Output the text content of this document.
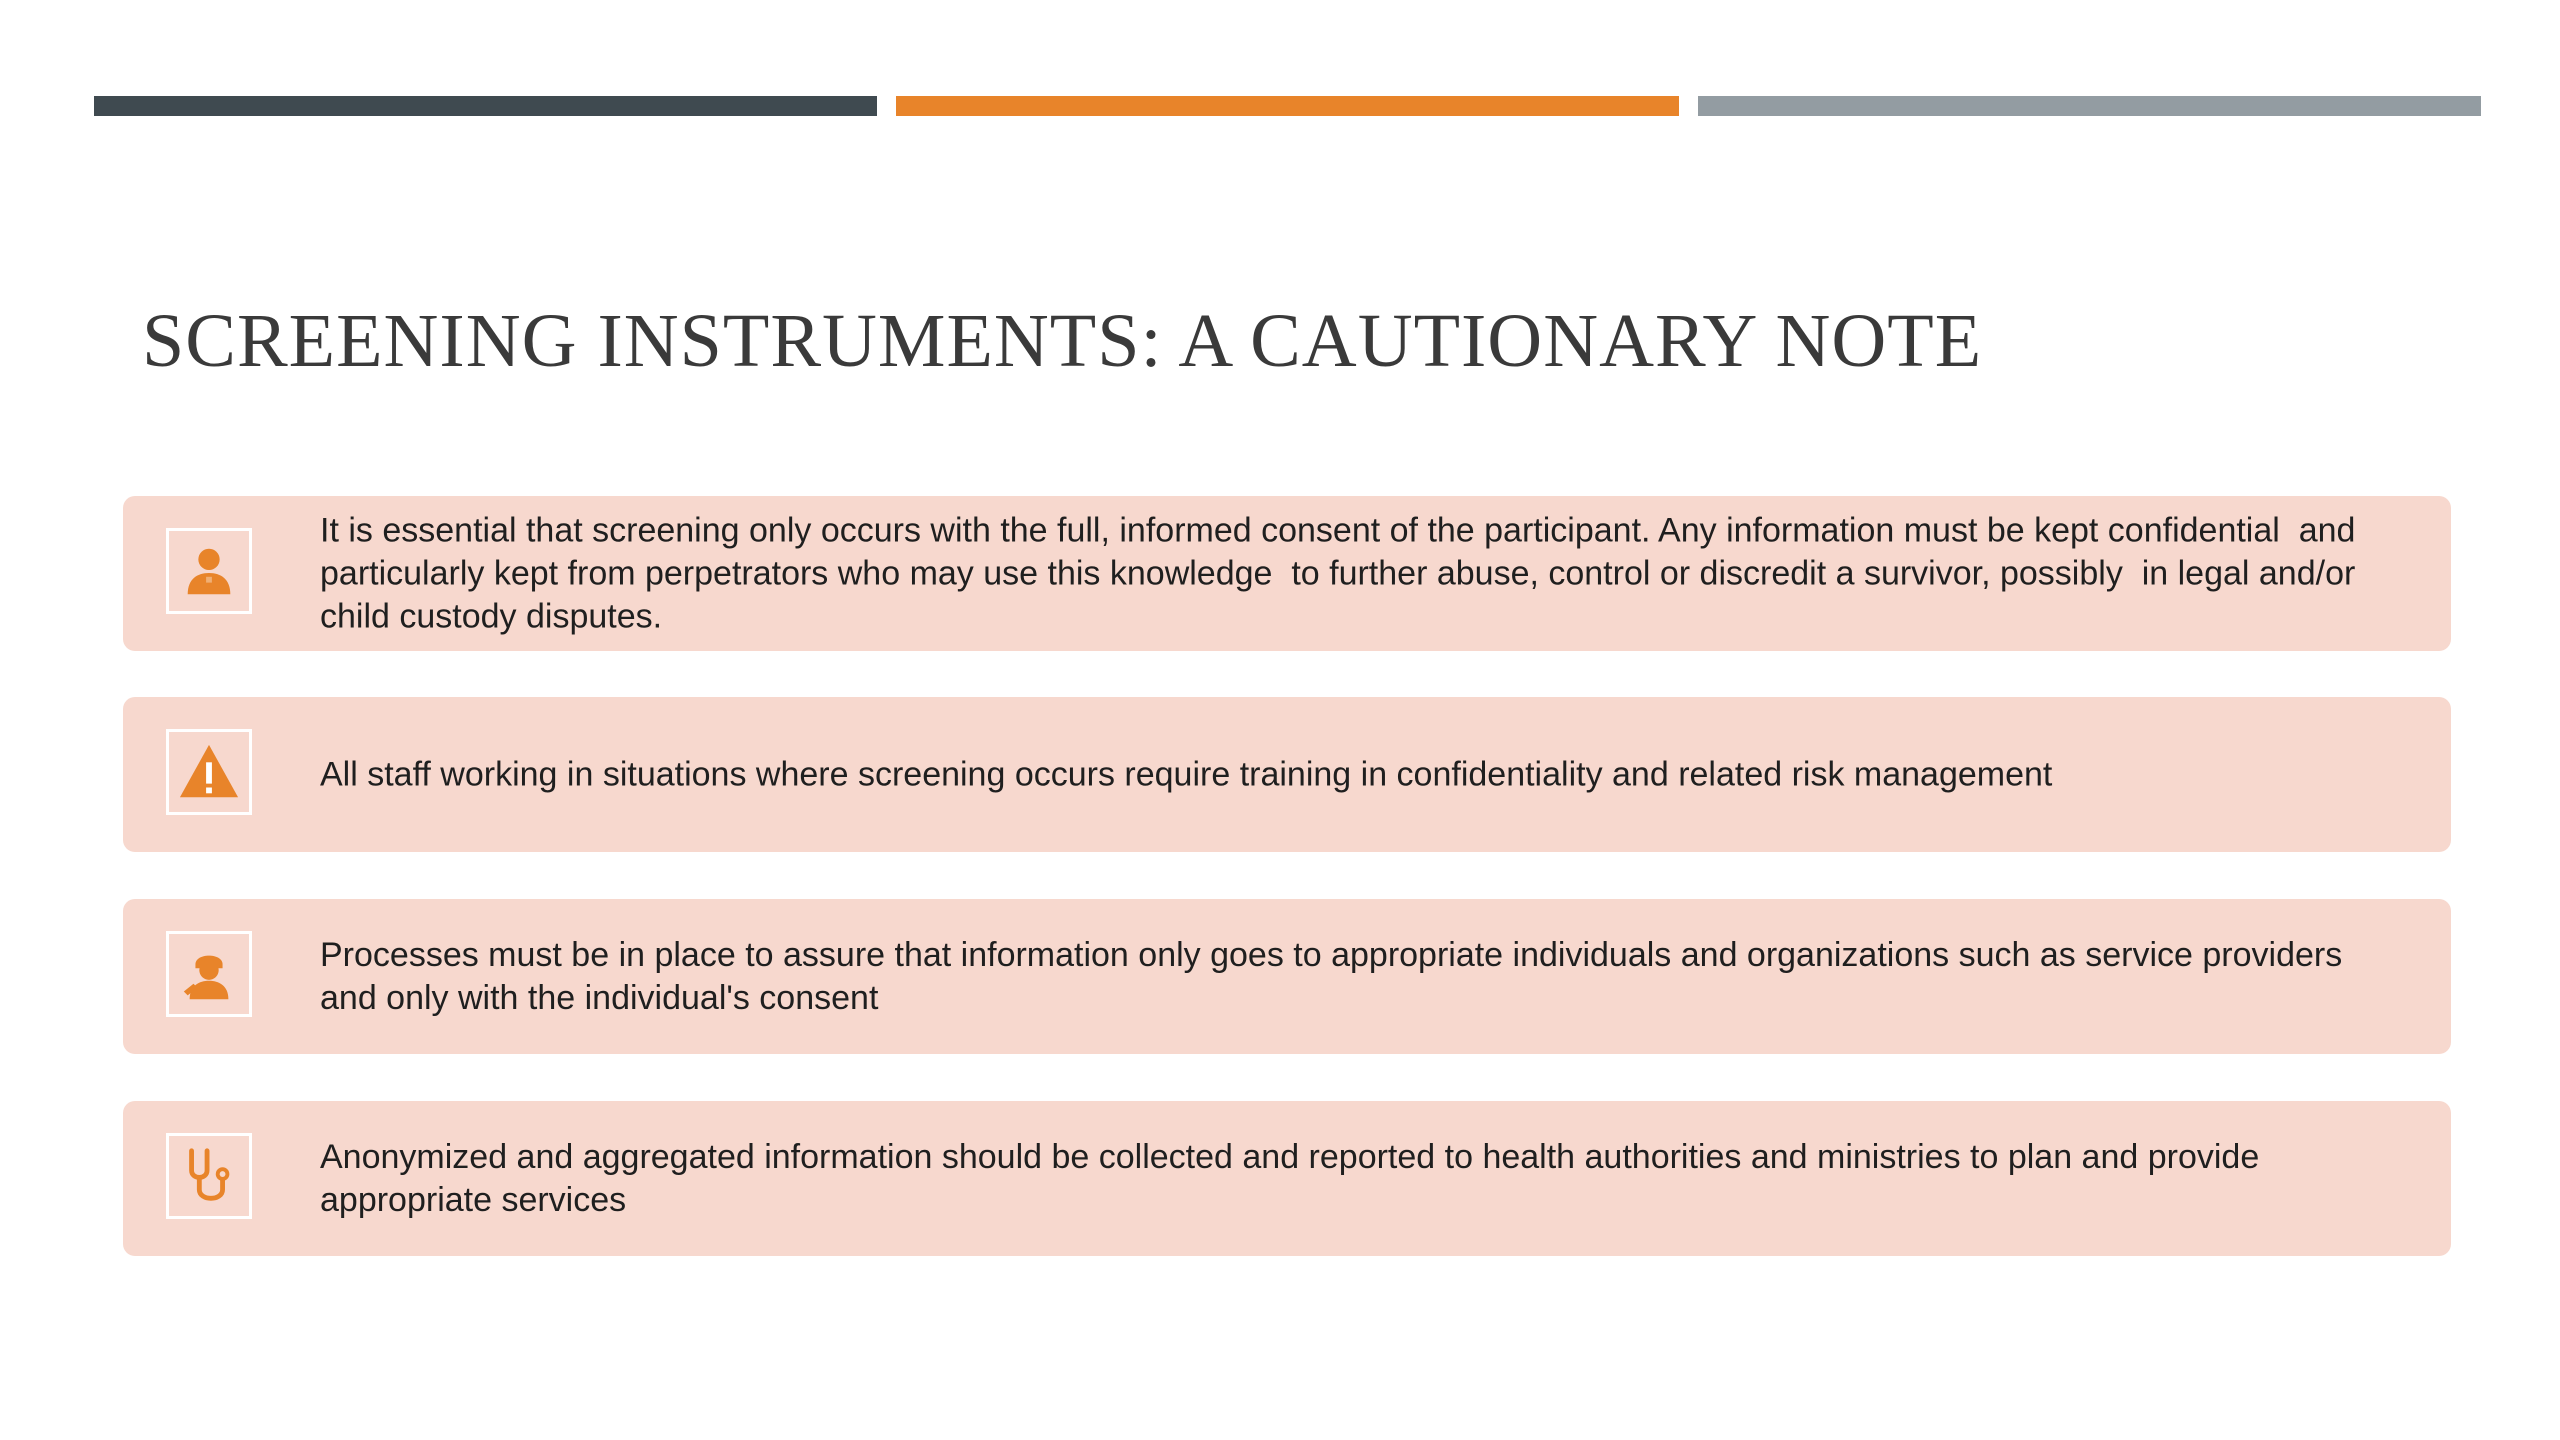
SCREENING INSTRUMENTS: A CAUTIONARY NOTE

It is essential that screening only occurs with the full, informed consent of the participant. Any information must be kept confidential  and particularly kept from perpetrators who may use this knowledge  to further abuse, control or discredit a survivor, possibly  in legal and/or child custody disputes.

All staff working in situations where screening occurs require training in confidentiality and related risk management

Processes must be in place to assure that information only goes to appropriate individuals and organizations such as service providers and only with the individual's consent

Anonymized and aggregated information should be collected and reported to health authorities and ministries to plan and provide appropriate services
